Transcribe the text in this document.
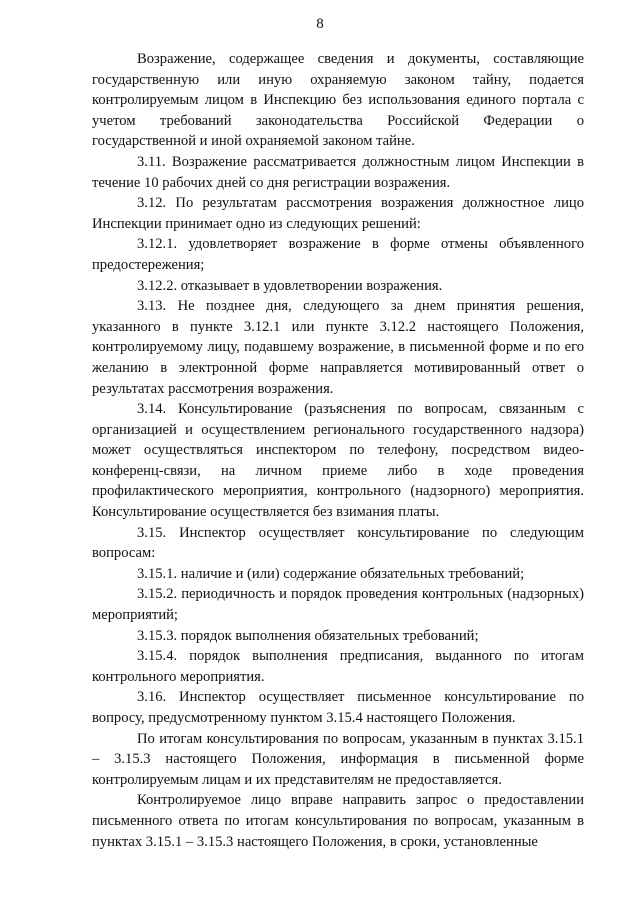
8

Возражение, содержащее сведения и документы, составляющие государственную или иную охраняемую законом тайну, подается контролируемым лицом в Инспекцию без использования единого портала с учетом требований законодательства Российской Федерации о государственной и иной охраняемой законом тайне.

3.11. Возражение рассматривается должностным лицом Инспекции в течение 10 рабочих дней со дня регистрации возражения.

3.12. По результатам рассмотрения возражения должностное лицо Инспекции принимает одно из следующих решений:

3.12.1. удовлетворяет возражение в форме отмены объявленного предостережения;

3.12.2. отказывает в удовлетворении возражения.

3.13. Не позднее дня, следующего за днем принятия решения, указанного в пункте 3.12.1 или пункте 3.12.2 настоящего Положения, контролируемому лицу, подавшему возражение, в письменной форме и по его желанию в электронной форме направляется мотивированный ответ о результатах рассмотрения возражения.

3.14. Консультирование (разъяснения по вопросам, связанным с организацией и осуществлением регионального государственного надзора) может осуществляться инспектором по телефону, посредством видео-конференц-связи, на личном приеме либо в ходе проведения профилактического мероприятия, контрольного (надзорного) мероприятия. Консультирование осуществляется без взимания платы.

3.15. Инспектор осуществляет консультирование по следующим вопросам:

3.15.1. наличие и (или) содержание обязательных требований;

3.15.2. периодичность и порядок проведения контрольных (надзорных) мероприятий;

3.15.3. порядок выполнения обязательных требований;

3.15.4. порядок выполнения предписания, выданного по итогам контрольного мероприятия.

3.16. Инспектор осуществляет письменное консультирование по вопросу, предусмотренному пунктом 3.15.4 настоящего Положения.

По итогам консультирования по вопросам, указанным в пунктах 3.15.1 – 3.15.3 настоящего Положения, информация в письменной форме контролируемым лицам и их представителям не предоставляется.

Контролируемое лицо вправе направить запрос о предоставлении письменного ответа по итогам консультирования по вопросам, указанным в пунктах 3.15.1 – 3.15.3 настоящего Положения, в сроки, установленные
